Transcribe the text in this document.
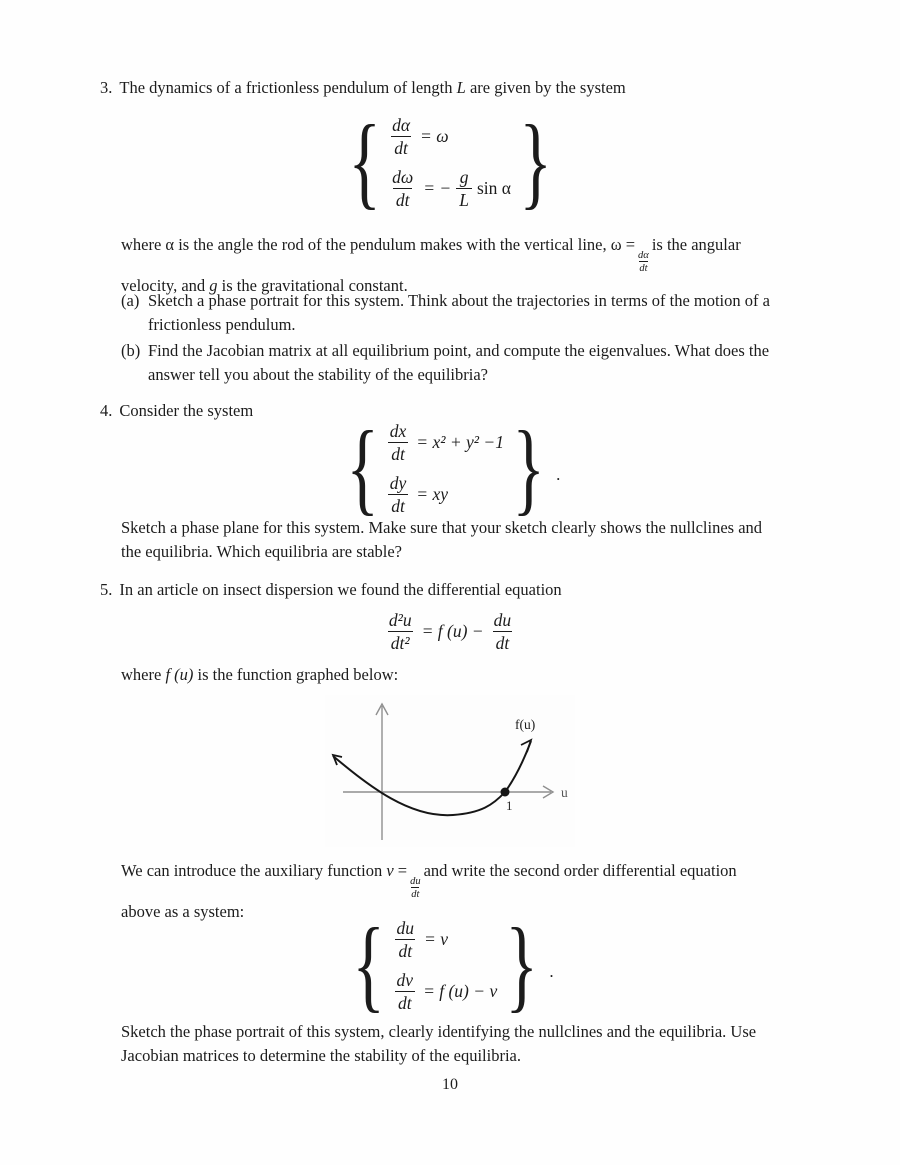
3. The dynamics of a frictionless pendulum of length L are given by the system
{ $\frac{d\alpha}{dt} = \omega$
$\frac{d\omega}{dt}$ = − $\frac{g}{L}$ sin α }
where α is the angle the rod of the pendulum makes with the vertical line, ω =
$\frac{d\alpha}{dt}$
is the angular
velocity, and g is the gravitational constant.
(a) Sketch a phase portrait for this system. Think about the trajectories in terms of the motion of a
frictionless pendulum.
(b) Find the Jacobian matrix at all equilibrium point, and compute the eigenvalues. What does the
answer tell you about the stability of the equilibria?
4. Consider the system { $\frac{dx}{dt} = x^2 + y^2 -1$
$\frac{dy}{dt}$ = xy } .
Sketch a phase plane for this system. Make sure that your sketch clearly shows the nullclines and
the equilibria. Which equilibria are stable?
5. In an article on insect dispersion we found the differential equation
$\frac{\text{d²u}}{\text{dt²}} = f$ $(u) - \frac{du}{dt}$
where f (u) is the function graphed below:
1
f(u)
u
We can introduce the auxiliary function v =
$\frac{du}{dt}$
and write the second order differential equation
above as a system:	{ $\frac{du}{dt} = v$
$\frac{dv}{dt} = f$ (u) − v } .
Sketch the phase portrait of this system, clearly identifying the nullclines and the equilibria. Use
Jacobian matrices to determine the stability of the equilibria.
10
